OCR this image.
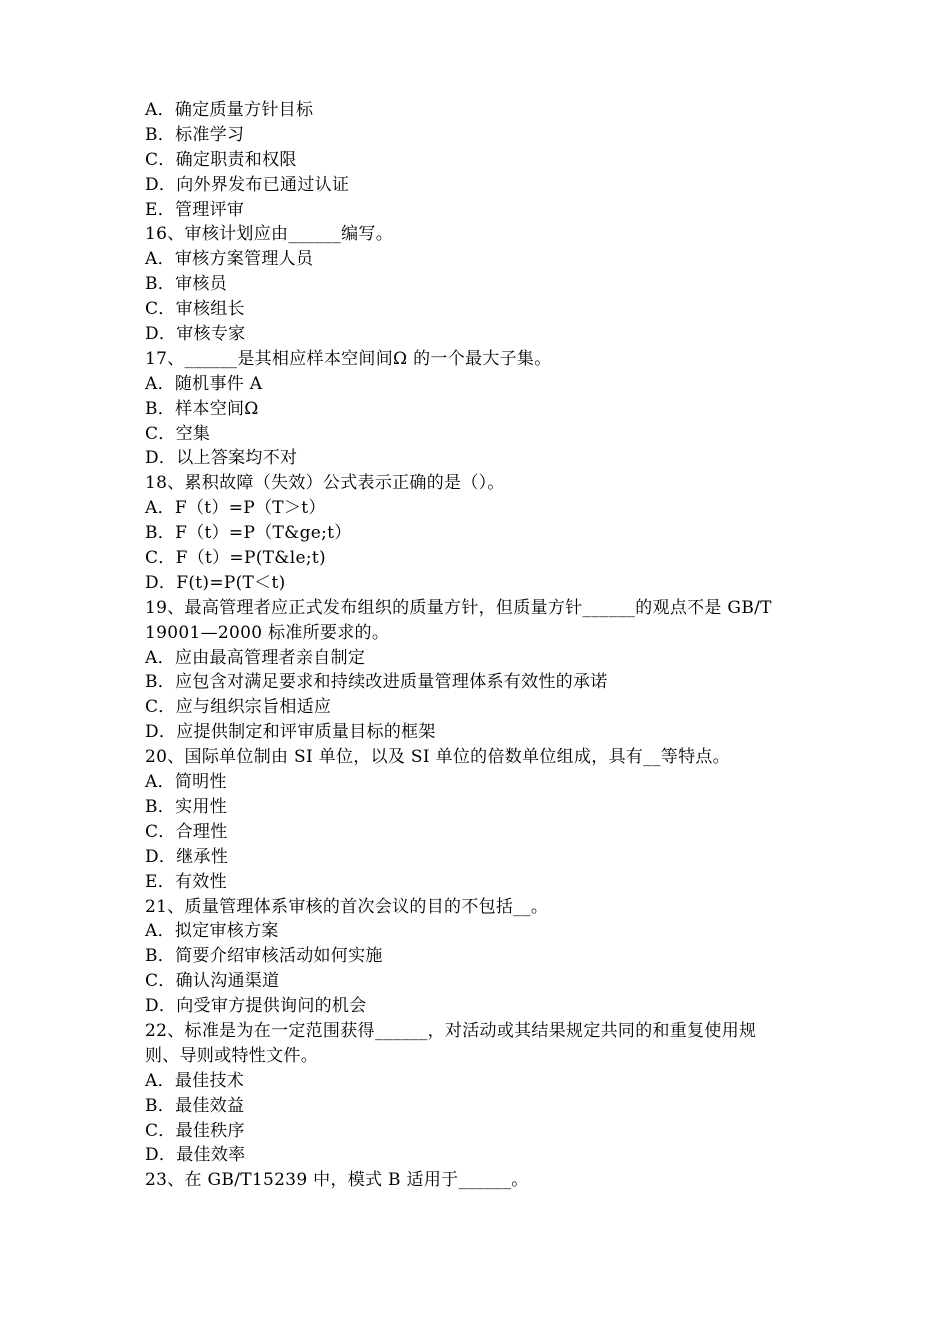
A．确定质量方针目标
B．标准学习
C．确定职责和权限
D．向外界发布已通过认证
E．管理评审
16、审核计划应由______编写。
A．审核方案管理人员
B．审核员
C．审核组长
D．审核专家
17、______是其相应样本空间间Ω 的一个最大子集。
A．随机事件 A
B．样本空间Ω
C．空集
D．以上答案均不对
18、累积故障（失效）公式表示正确的是（）。
A．F（t）=P（T＞t）
B．F（t）=P（T&ge;t）
C．F（t）=P(T&le;t)
D．F(t)=P(T＜t)
19、最高管理者应正式发布组织的质量方针，但质量方针______的观点不是 GB/T
19001—2000 标准所要求的。
A．应由最高管理者亲自制定
B．应包含对满足要求和持续改进质量管理体系有效性的承诺
C．应与组织宗旨相适应
D．应提供制定和评审质量目标的框架
20、国际单位制由 SI 单位，以及 SI 单位的倍数单位组成，具有__等特点。
A．简明性
B．实用性
C．合理性
D．继承性
E．有效性
21、质量管理体系审核的首次会议的目的不包括__。
A．拟定审核方案
B．简要介绍审核活动如何实施
C．确认沟通渠道
D．向受审方提供询问的机会
22、标准是为在一定范围获得______，对活动或其结果规定共同的和重复使用规
则、导则或特性文件。
A．最佳技术
B．最佳效益
C．最佳秩序
D．最佳效率
23、在 GB/T15239 中，模式 B 适用于______。
